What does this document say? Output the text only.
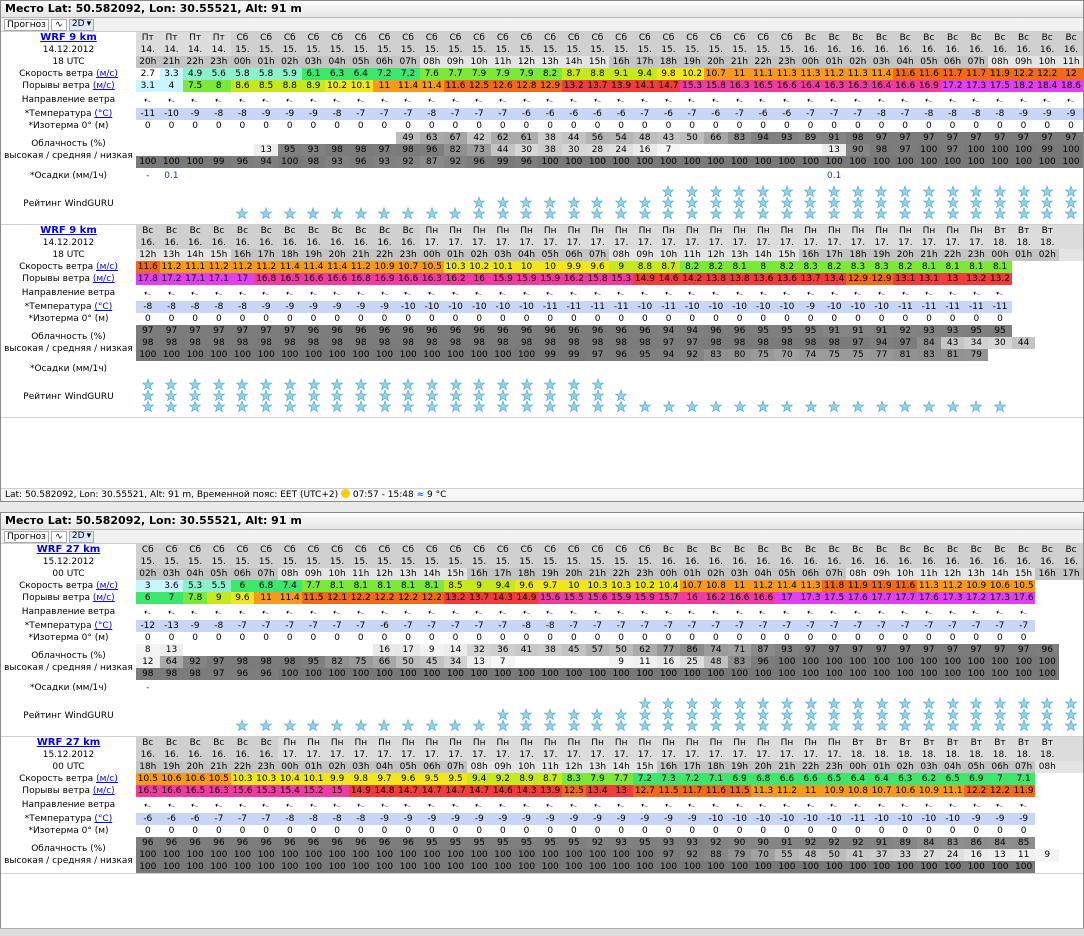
Место Lat: 50.582092, Lon: 30.55521, Alt: 91 m
Прогноз	∿	2D ▾
WRF 9 km
14.12.2012
18 UTC	Пт	Пт	Пт	Пт	Сб	Сб	Сб	Сб	Сб	Сб	Сб	Сб	Сб	Сб	Сб	Сб	Сб	Сб	Сб	Сб	Сб	Сб	Сб	Сб	Сб	Сб	Сб	Сб	Вс	Вс	Вс	Вс	Вс	Вс	Вс	Вс	Вс	Вс	Вс	Вс
	14.	14.	14.	14.	15.	15.	15.	15.	15.	15.	15.	15.	15.	15.	15.	15.	15.	15.	15.	15.	15.	15.	15.	15.	15.	15.	15.	15.	16.	16.	16.	16.	16.	16.	16.	16.	16.	16.	16.	16.
	20h	21h	22h	23h	00h	01h	02h	03h	04h	05h	06h	07h	08h	09h	10h	11h	12h	13h	14h	15h	16h	17h	18h	19h	20h	21h	22h	23h	00h	01h	02h	03h	04h	05h	06h	07h	08h	09h	10h	11h
Скорость ветра (м/с)	2.7	3.3	4.9	5.6	5.8	5.8	5.9	6.1	6.3	6.4	7.2	7.2	7.6	7.7	7.9	7.9	7.9	8.2	8.7	8.8	9.1	9.4	9.8	10.2	10.7	11	11.1	11.3	11.3	11.2	11.3	11.4	11.6	11.6	11.7	11.7	11.9	12.2	12.2	12
Порывы ветра (м/с)	3.1	4	7.5	8	8.6	8.5	8.8	8.9	10.2	10.1	11	11.4	11.4	11.6	12.5	12.6	12.8	12.9	13.2	13.7	13.9	14.1	14.7	15.3	15.8	16.3	16.5	16.6	16.4	16.3	16.3	16.4	16.6	16.9	17.2	17.3	17.5	18.2	18.4	18.6
Направление ветра	➝	➝	➝	➝	➝	➝	➝	➝	➝	➝	➝	➝	➝	➝	➝	➝	➝	➝	➝	➝	➝	➝	➝	➝	➝	➝	➝	➝	➝	➝	➝	➝	➝	➝	➝	➝	➝	➝	➝	➝
*Температура (°C)	-11	-10	-9	-8	-8	-9	-9	-9	-8	-7	-7	-7	-8	-7	-7	-7	-6	-6	-6	-6	-6	-7	-6	-7	-6	-7	-6	-6	-7	-7	-7	-8	-7	-8	-8	-8	-8	-9	-9	-9
*Изотерма 0° (м)	0	0	0	0	0	0	0	0	0	0	0	0	0	0	0	0	0	0	0	0	0	0	0	0	0	0	0	0	0	0	0	0	0	0	0	0	0	0	0	0
Облачность (%)
высокая / средняя / низкая												49	63	67	42	62	61	38	44	56	54	48	43	50	66	83	94	93	89	91	98	97	97	97	97	97	97	97	97	97
						13	95	93	98	98	97	98	96	82	73	44	30	38	30	28	24	16	7							13	90	98	97	100	97	100	100	100	99	100
	100	100	100	99	96	94	100	98	93	96	93	92	87	92	96	99	96	100	100	100	100	100	100	100	100	100	100	100	100	100	100	100	100	100	100	100	100	100	100	100
*Осадки (мм/1ч)	-	0.1																												0.1										
Рейтинг WindGURU																																								
WRF 9 km
14.12.2012
18 UTC	Вс	Вс	Вс	Вс	Вс	Вс	Вс	Вс	Вс	Вс	Вс	Вс	Пн	Пн	Пн	Пн	Пн	Пн	Пн	Пн	Пн	Пн	Пн	Пн	Пн	Пн	Пн	Пн	Пн	Пн	Пн	Пн	Пн	Пн	Пн	Пн	Вт	Вт	Вт	
	16.	16.	16.	16.	16.	16.	16.	16.	16.	16.	16.	16.	17.	17.	17.	17.	17.	17.	17.	17.	17.	17.	17.	17.	17.	17.	17.	17.	17.	17.	17.	17.	17.	17.	17.	17.	18.	18.	18.	
	12h	13h	14h	15h	16h	17h	18h	19h	20h	21h	22h	23h	00h	01h	02h	03h	04h	05h	06h	07h	08h	09h	10h	11h	12h	13h	14h	15h	16h	17h	18h	19h	20h	21h	22h	23h	00h	01h	02h	
Скорость ветра (м/с)	11.6	11.2	11.1	11.2	11.2	11.2	11.4	11.4	11.4	11.2	10.9	10.7	10.5	10.3	10.2	10.1	10	10	9.9	9.6	9	8.8	8.7	8.2	8.2	8.1	8	8.2	8.3	8.2	8.3	8.3	8.2	8.1	8.1	8.1	8.1			
Порывы ветра (м/с)	17.8	17.2	17.1	17.1	17	16.8	16.5	16.6	16.6	16.8	16.9	16.6	16.3	16.2	16	15.9	15.9	15.9	16.2	15.8	15.3	14.9	14.6	14.2	13.8	13.8	13.6	13.6	13.7	13.4	12.9	12.9	13.1	13.1	13	13.2	13.2			
Направление ветра	➝	➝	➝	➝	➝	➝	➝	➝	➝	➝	➝	➝	➝	➝	➝	➝	➝	➝	➝	➝	➝	➝	➝	➝	➝	➝	➝	➝	➝	➝	➝	➝	➝	➝	➝	➝	➝			
*Температура (°C)	-8	-8	-8	-8	-8	-9	-9	-9	-9	-9	-9	-10	-10	-10	-10	-10	-10	-11	-11	-11	-11	-10	-11	-10	-10	-10	-10	-10	-9	-10	-10	-10	-11	-11	-11	-11	-11			
*Изотерма 0° (м)	0	0	0	0	0	0	0	0	0	0	0	0	0	0	0	0	0	0	0	0	0	0	0	0	0	0	0	0	0	0	0	0	0	0	0	0	0			
Облачность (%)
высокая / средняя / низкая	97	97	97	97	97	97	97	96	96	96	96	96	96	96	96	96	96	96	96	96	96	96	94	94	96	96	95	95	95	91	91	91	92	93	93	95	95			
	98	98	98	98	98	98	98	98	98	98	98	98	98	98	98	98	98	98	98	98	98	98	97	97	98	98	98	98	98	98	97	94	97	84	43	34	30	44		
	100	100	100	100	100	100	100	100	100	100	100	100	100	100	100	100	100	99	99	97	96	95	94	92	83	80	75	70	74	75	75	77	81	83	81	79				
*Осадки (мм/1ч)																																								
Рейтинг WindGURU																																								
Lat: 50.582092, Lon: 30.55521, Alt: 91 m, Временной пояс: EET (UTC+2) 07:57 - 15:48 ≈ 9 °C
Место Lat: 50.582092, Lon: 30.55521, Alt: 91 m
Прогноз	∿	2D ▾
WRF 27 km
15.12.2012
00 UTC	Сб	Сб	Сб	Сб	Сб	Сб	Сб	Сб	Сб	Сб	Сб	Сб	Сб	Сб	Сб	Сб	Сб	Сб	Сб	Сб	Сб	Сб	Вс	Вс	Вс	Вс	Вс	Вс	Вс	Вс	Вс	Вс	Вс	Вс	Вс	Вс	Вс	Вс	Вс	Вс
	15.	15.	15.	15.	15.	15.	15.	15.	15.	15.	15.	15.	15.	15.	15.	15.	15.	15.	15.	15.	15.	15.	16.	16.	16.	16.	16.	16.	16.	16.	16.	16.	16.	16.	16.	16.	16.	16.	16.	16.
	02h	03h	04h	05h	06h	07h	08h	09h	10h	11h	12h	13h	14h	15h	16h	17h	18h	19h	20h	21h	22h	23h	00h	01h	02h	03h	04h	05h	06h	07h	08h	09h	10h	11h	12h	13h	14h	15h	16h	17h
Скорость ветра (м/с)	3	3.6	5.3	5.5	6	6.8	7.4	7.7	8.1	8.1	8.1	8.1	8.1	8.5	9	9.4	9.6	9.7	10	10.3	10.3	10.2	10.4	10.7	10.8	11	11.2	11.4	11.3	11.8	11.9	11.9	11.6	11.3	11.2	10.9	10.6	10.5		
Порывы ветра (м/с)	6	7	7.8	9	9.6	11	11.4	11.5	12.1	12.2	12.2	12.2	12.2	13.2	13.7	14.3	14.9	15.6	15.5	15.6	15.9	15.9	15.7	16	16.2	16.6	16.6	17	17.3	17.5	17.6	17.7	17.7	17.6	17.3	17.2	17.3	17.6		
Направление ветра	➝	➝	➝	➝	➝	➝	➝	➝	➝	➝	➝	➝	➝	➝	➝	➝	➝	➝	➝	➝	➝	➝	➝	➝	➝	➝	➝	➝	➝	➝	➝	➝	➝	➝	➝	➝	➝	➝		
*Температура (°C)	-12	-13	-9	-8	-7	-7	-7	-7	-7	-7	-6	-7	-7	-7	-7	-7	-8	-8	-7	-7	-7	-7	-7	-7	-7	-7	-7	-7	-7	-7	-7	-7	-7	-7	-7	-7	-7	-7		
*Изотерма 0° (м)	0	0	0	0	0	0	0	0	0	0	0	0	0	0	0	0	0	0	0	0	0	0	0	0	0	0	0	0	0	0	0	0	0	0	0	0	0	0		
Облачность (%)
высокая / средняя / низкая	8	13									16	17	9	14	32	36	41	38	45	57	50	62	77	86	74	71	87	93	97	97	97	97	97	97	97	97	97	97	96	
	12	64	92	97	98	98	98	95	82	75	66	50	45	34	13	7					9	11	16	25	48	83	96	100	100	100	100	100	100	100	100	100	100	100	100	
	98	98	98	97	96	96	100	100	100	100	100	100	100	100	100	100	100	100	100	100	100	100	100	100	100	100	100	100	100	100	100	100	100	100	100	100	100	100	100	
*Осадки (мм/1ч)	-																																							
Рейтинг WindGURU																																								
WRF 27 km
15.12.2012
00 UTC	Вс	Вс	Вс	Вс	Вс	Вс	Пн	Пн	Пн	Пн	Пн	Пн	Пн	Пн	Пн	Пн	Пн	Пн	Пн	Пн	Пн	Пн	Пн	Пн	Пн	Пн	Пн	Пн	Пн	Пн	Вт	Вт	Вт	Вт	Вт	Вт	Вт	Вт	Вт	
	16.	16.	16.	16.	16.	16.	17.	17.	17.	17.	17.	17.	17.	17.	17.	17.	17.	17.	17.	17.	17.	17.	17.	17.	17.	17.	17.	17.	17.	17.	18.	18.	18.	18.	18.	18.	18.	18.	18.	
	18h	19h	20h	21h	22h	23h	00h	01h	02h	03h	04h	05h	06h	07h	08h	09h	10h	11h	12h	13h	14h	15h	16h	17h	18h	19h	20h	21h	22h	23h	00h	01h	02h	03h	04h	05h	06h	07h	08h	
Скорость ветра (м/с)	10.5	10.6	10.6	10.5	10.3	10.3	10.4	10.1	9.9	9.8	9.7	9.6	9.5	9.5	9.4	9.2	8.9	8.7	8.3	7.9	7.7	7.2	7.3	7.2	7.1	6.9	6.8	6.6	6.6	6.5	6.4	6.4	6.3	6.2	6.5	6.9	7	7.1		
Порывы ветра (м/с)	16.5	16.6	16.5	16.3	15.6	15.3	15.4	15.2	15	14.9	14.8	14.7	14.7	14.7	14.7	14.6	14.3	13.9	12.5	13.4	13	12.7	11.5	11.7	11.6	11.5	11.3	11.2	11	10.9	10.8	10.7	10.6	10.9	11.1	12.2	12.2	11.9		
Направление ветра	➝	➝	➝	➝	➝	➝	➝	➝	➝	➝	➝	➝	➝	➝	➝	➝	➝	➝	➝	➝	➝	➝	➝	➝	➝	➝	➝	➝	➝	➝	➝	➝	➝	➝	➝	➝	➝	➝		
*Температура (°C)	-6	-6	-6	-7	-7	-7	-8	-8	-8	-8	-9	-9	-9	-9	-9	-9	-9	-9	-9	-9	-9	-9	-9	-9	-10	-10	-10	-10	-10	-10	-11	-10	-10	-10	-10	-9	-9	-9		
*Изотерма 0° (м)	0	0	0	0	0	0	0	0	0	0	0	0	0	0	0	0	0	0	0	0	0	0	0	0	0	0	0	0	0	0	0	0	0	0	0	0	0	0		
Облачность (%)
высокая / средняя / низкая	96	96	96	96	96	96	96	96	96	96	96	96	95	95	95	95	95	95	95	92	93	95	93	93	92	90	90	91	92	92	92	91	89	84	83	86	84	85		
	100	100	100	100	100	100	100	100	100	100	100	100	100	100	100	100	100	100	100	100	100	100	97	92	88	79	70	55	48	50	41	37	33	27	24	16	13	11	9	
	100	100	100	100	100	100	100	100	100	100	100	100	100	100	100	100	100	100	100	100	100	100	100	100	100	100	100	100	100	100	100	100	100	100	100	100	100	100		
